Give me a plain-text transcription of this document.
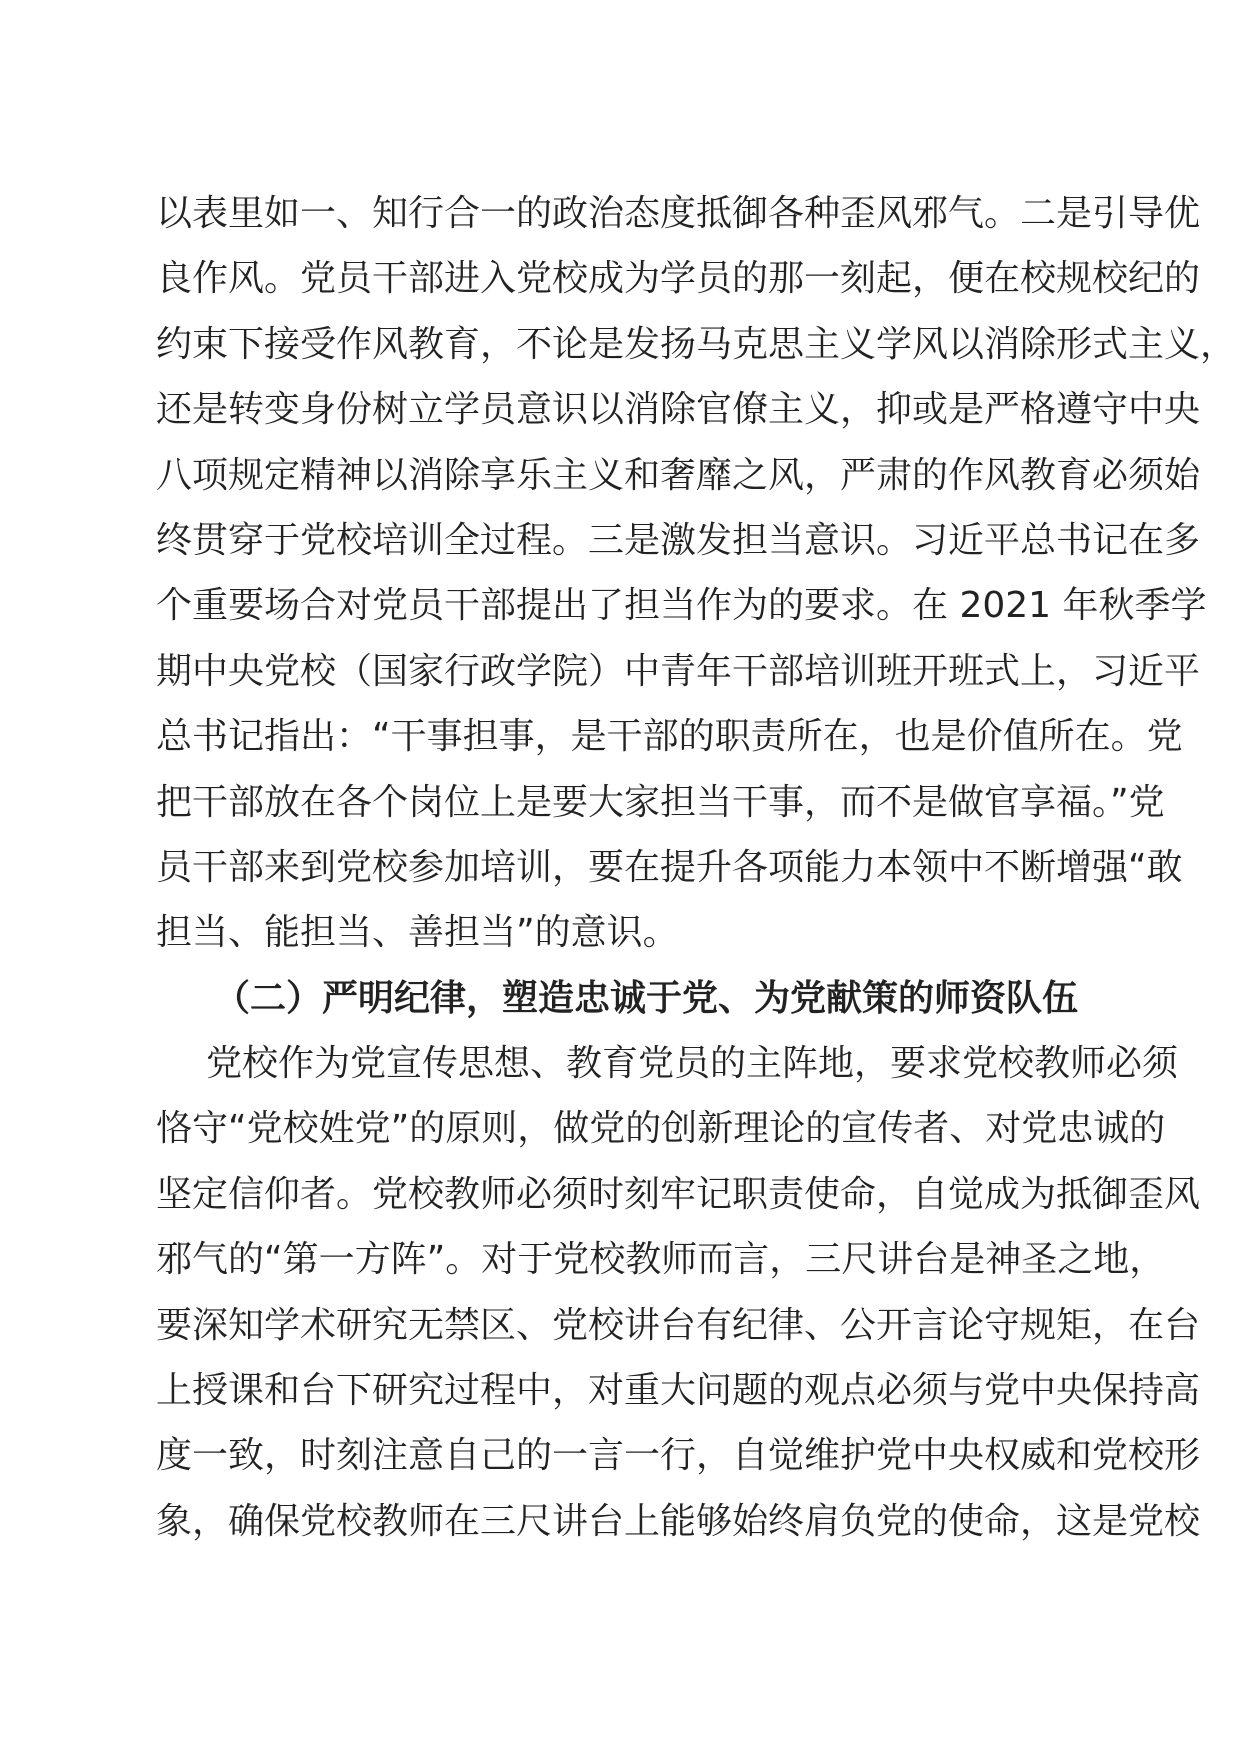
以表里如一、知行合一的政治态度抵御各种歪风邪气。二是引导优
良作风。党员干部进入党校成为学员的那一刻起，便在校规校纪的
约束下接受作风教育，不论是发扬马克思主义学风以消除形式主义，
还是转变身份树立学员意识以消除官僚主义，抑或是严格遵守中央
八项规定精神以消除享乐主义和奢靡之风，严肃的作风教育必须始
终贯穿于党校培训全过程。三是激发担当意识。习近平总书记在多
个重要场合对党员干部提出了担当作为的要求。在 2021 年秋季学
期中央党校（国家行政学院）中青年干部培训班开班式上，习近平
总书记指出：“干事担事，是干部的职责所在，也是价值所在。党
把干部放在各个岗位上是要大家担当干事，而不是做官享福。”党
员干部来到党校参加培训，要在提升各项能力本领中不断增强“敢
担当、能担当、善担当”的意识。
（二）严明纪律，塑造忠诚于党、为党献策的师资队伍
党校作为党宣传思想、教育党员的主阵地，要求党校教师必须
恪守“党校姓党”的原则，做党的创新理论的宣传者、对党忠诚的
坚定信仰者。党校教师必须时刻牢记职责使命，自觉成为抵御歪风
邪气的“第一方阵”。对于党校教师而言，三尺讲台是神圣之地，
要深知学术研究无禁区、党校讲台有纪律、公开言论守规矩，在台
上授课和台下研究过程中，对重大问题的观点必须与党中央保持高
度一致，时刻注意自己的一言一行，自觉维护党中央权威和党校形
象，确保党校教师在三尺讲台上能够始终肩负党的使命，这是党校
